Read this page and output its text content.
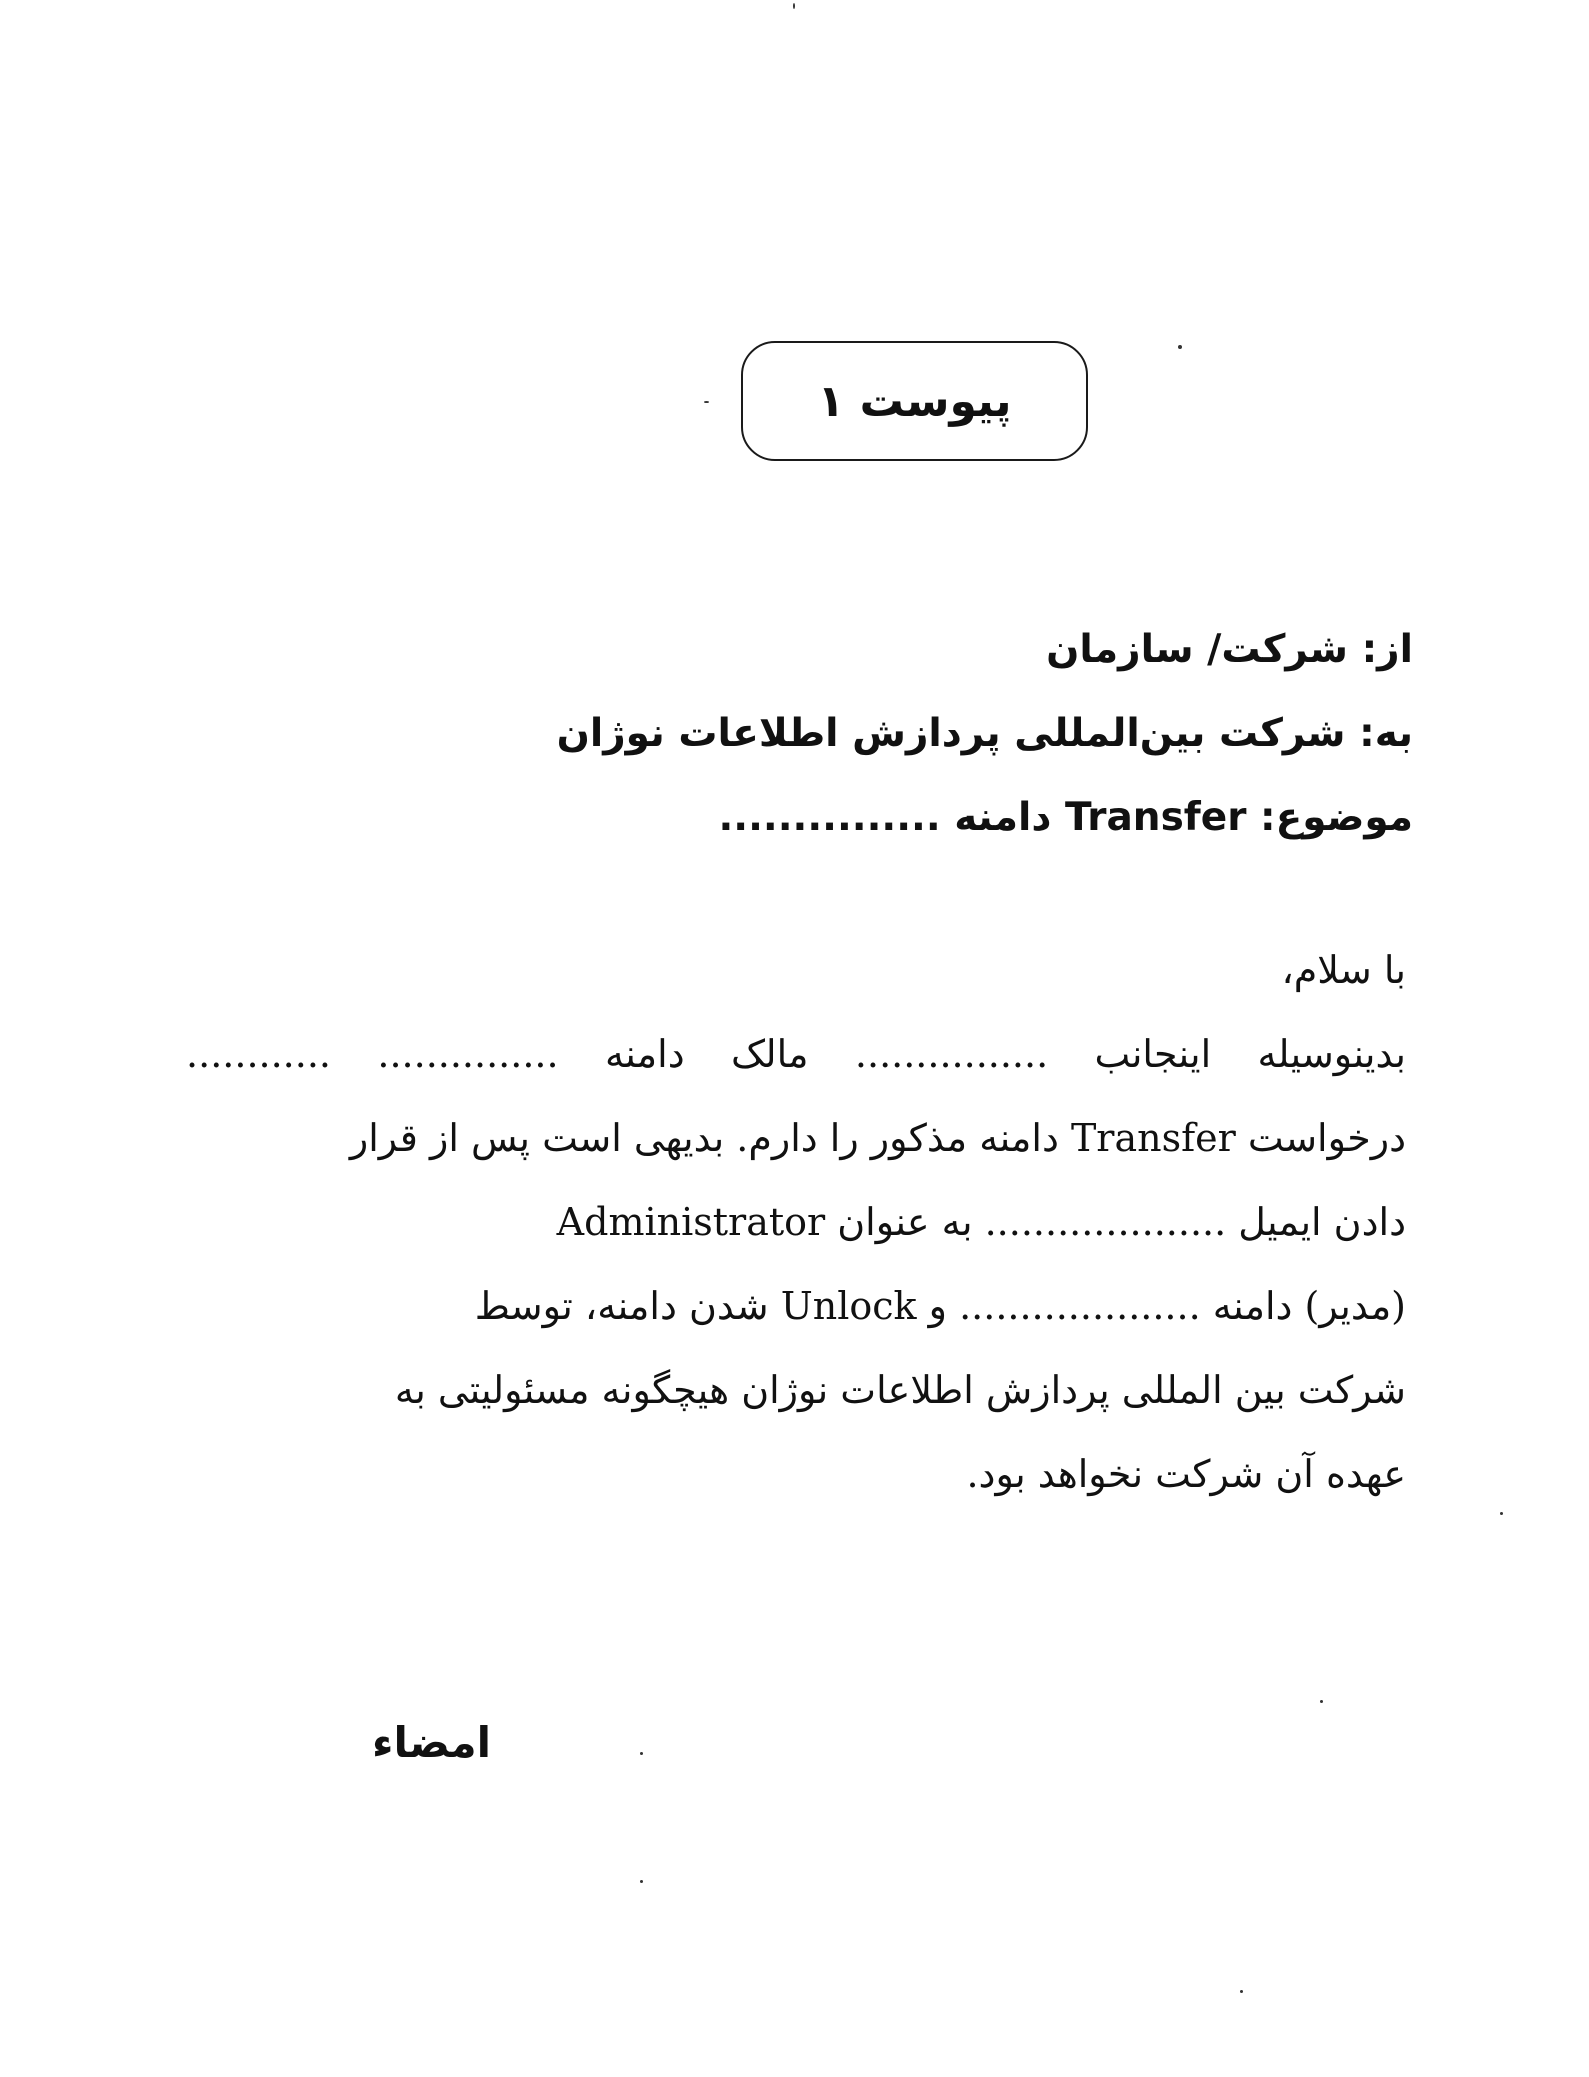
پیوست ۱
از: شرکت/ سازمان
به: شرکت بین‌المللی پردازش اطلاعات نوژان
موضوع: Transfer دامنه ...............
با سلام،
بدینوسیله
اینجانب
................
مالک
دامنه
...............
............
درخواست Transfer دامنه مذکور را دارم. بدیهی است پس از قرار
دادن ایمیل .................... به عنوان Administrator
(مدیر) دامنه .................... و Unlock شدن دامنه، توسط
شرکت بین المللی پردازش اطلاعات نوژان هیچگونه مسئولیتی به
عهده آن شرکت نخواهد بود.
امضاء
